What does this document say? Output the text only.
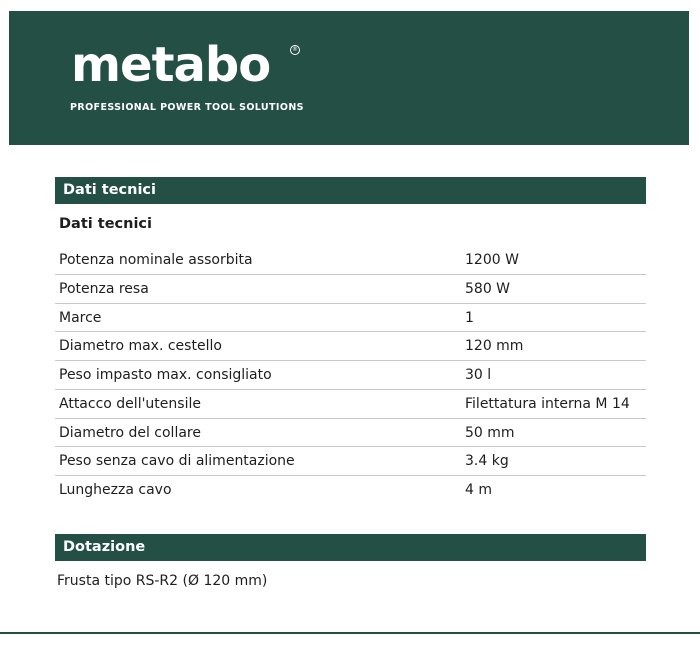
metabo	®
PROFESSIONAL POWER TOOL SOLUTIONS
Dati tecnici
Dati tecnici
Potenza nominale assorbita	1200 W
Potenza resa	580 W
Marce	1
Diametro max. cestello	120 mm
Peso impasto max. consigliato	30 l
Attacco dell'utensile	Filettatura interna M 14
Diametro del collare	50 mm
Peso senza cavo di alimentazione	3.4 kg
Lunghezza cavo	4 m
Dotazione
Frusta tipo RS-R2 (Ø 120 mm)
